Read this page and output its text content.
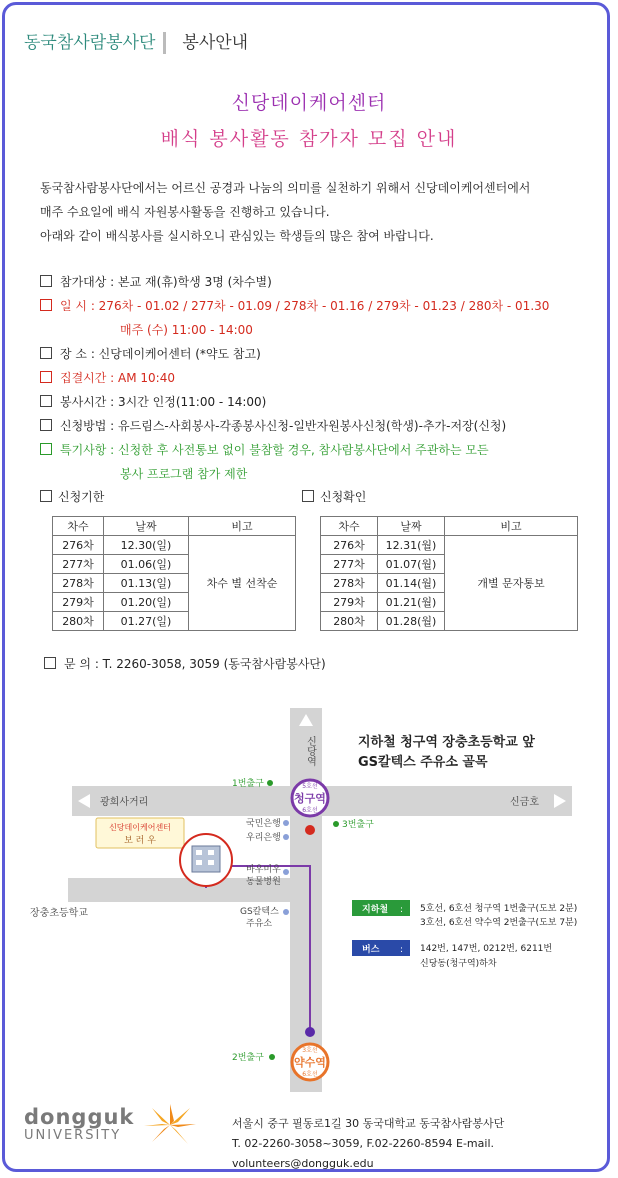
동국참사람봉사단 봉사안내
신당데이케어센터
배식 봉사활동 참가자 모집 안내
동국참사람봉사단에서는 어르신 공경과 나눔의 의미를 실천하기 위해서 신당데이케어센터에서
매주 수요일에 배식 자원봉사활동을 진행하고 있습니다.
아래와 같이 배식봉사를 실시하오니 관심있는 학생들의 많은 참여 바랍니다.
참가대상 : 본교 재(휴)학생 3명 (차수별)
일 시 : 276차 - 01.02 / 277차 - 01.09 / 278차 - 01.16 / 279차 - 01.23 / 280차 - 01.30
매주 (수) 11:00 - 14:00
장 소 : 신당데이케어센터 (*약도 참고)
집결시간 : AM 10:40
봉사시간 : 3시간 인정(11:00 - 14:00)
신청방법 : 유드림스-사회봉사-각종봉사신청-일반자원봉사신청(학생)-추가-저장(신청)
특기사항 : 신청한 후 사전통보 없이 불참할 경우, 참사람봉사단에서 주관하는 모든
봉사 프로그램 참가 제한
신청기한	신청확인
차수	날짜	비고
276차	12.30(일)	차수 별 선착순
277차	01.06(일)	
278차	01.13(일)	
279차	01.20(일)	
280차	01.27(일)	
차수	날짜	비고
276차	12.31(월)	개별 문자통보
277차	01.07(월)	
278차	01.14(월)	
279차	01.21(월)	
280차	01.28(월)	
문 의 : T. 2260-3058, 3059 (동국참사람봉사단)
신당역
광희사거리	신금호
장충초등학교
5호선
청구역
6호선
3호선
약수역
6호선
1번출구
3번출구
2번출구
국민은행
우리은행
바우미우
동물병원
GS칼텍스
주유소
신당데이케어센터
보 러 우
지하철 청구역 장충초등학교 앞
GS칼텍스 주유소 골목
지하철 : 5호선, 6호선 청구역 1번출구(도보 2분)
3호선, 6호선 약수역 2번출구(도보 7분)
버스 : 142번, 147번, 0212번, 6211번
신당동(청구역)하차
dongguk
UNIVERSITY
서울시 중구 필동로1길 30 동국대학교 동국참사람봉사단
T. 02-2260-3058~3059, F.02-2260-8594 E-mail. volunteers@dongguk.edu
